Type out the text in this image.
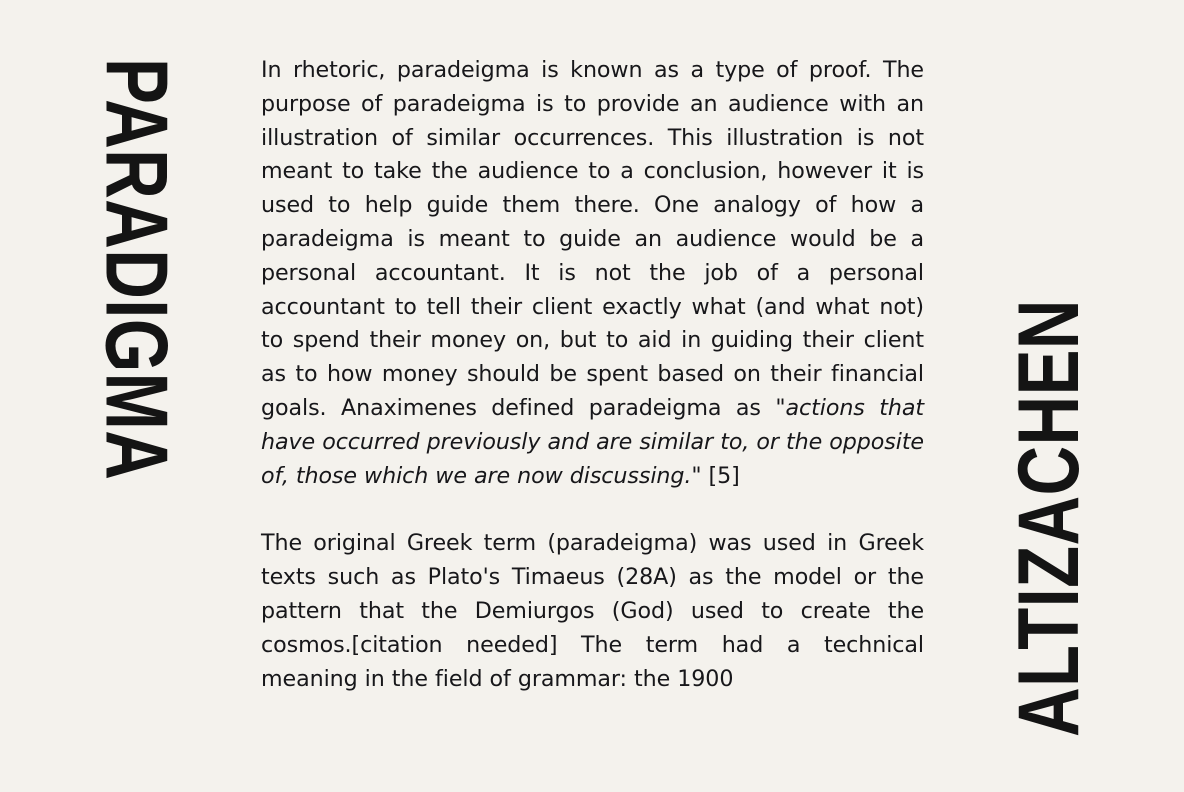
PARADIGMA
ALTIZACHEN

In rhetoric, paradeigma is known as a type of proof. The purpose of paradeigma is to provide an audience with an illustration of similar occurrences. This illustration is not meant to take the audience to a conclusion, however it is used to help guide them there. One analogy of how a paradeigma is meant to guide an audience would be a personal accountant. It is not the job of a personal accountant to tell their client exactly what (and what not) to spend their money on, but to aid in guiding their client as to how money should be spent based on their financial goals. Anaximenes defined paradeigma as "actions that have occurred previously and are similar to, or the opposite of, those which we are now discussing." [5]

The original Greek term (paradeigma) was used in Greek texts such as Plato's Timaeus (28A) as the model or the pattern that the Demiurgos (God) used to create the cosmos.[citation needed] The term had a technical meaning in the field of grammar: the 1900
